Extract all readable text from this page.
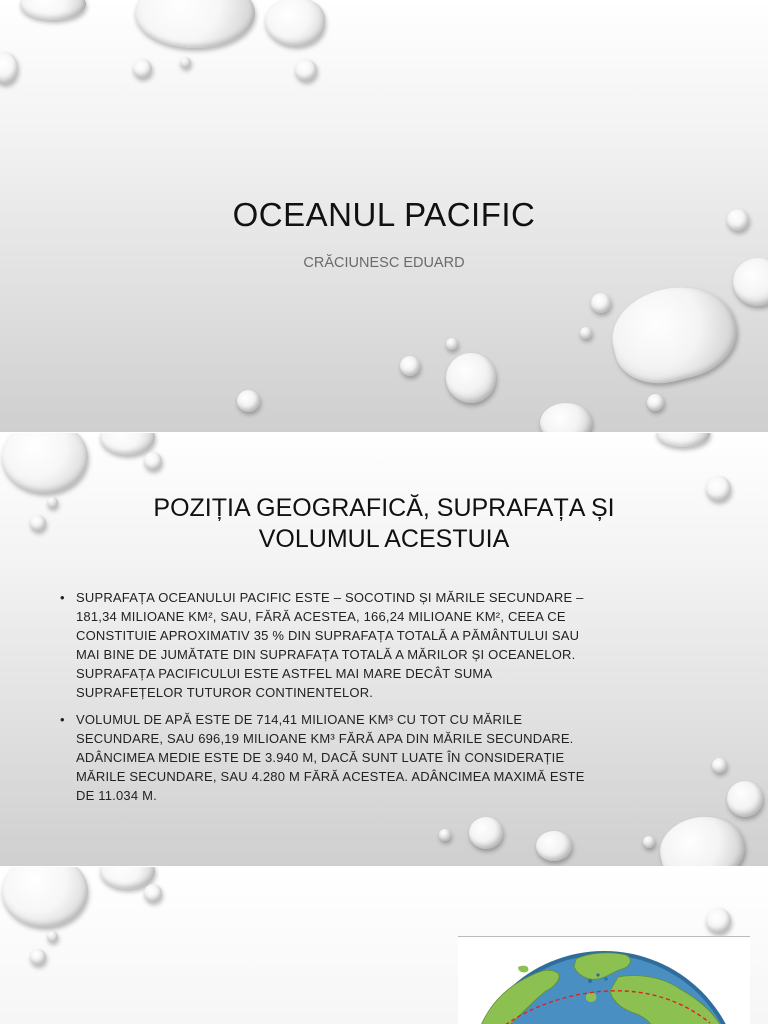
OCEANUL PACIFIC
CRĂCIUNESC EDUARD
POZIȚIA GEOGRAFICĂ, SUPRAFAȚA ȘI VOLUMUL ACESTUIA
• SUPRAFAȚA OCEANULUI PACIFIC ESTE – SOCOTIND ȘI MĂRILE SECUNDARE – 181,34 MILIOANE KM², SAU, FĂRĂ ACESTEA, 166,24 MILIOANE KM², CEEA CE CONSTITUIE APROXIMATIV 35 % DIN SUPRAFAȚA TOTALĂ A PĂMÂNTULUI SAU MAI BINE DE JUMĂTATE DIN SUPRAFAȚA TOTALĂ A MĂRILOR ȘI OCEANELOR. SUPRAFAȚA PACIFICULUI ESTE ASTFEL MAI MARE DECÂT SUMA SUPRAFEȚELOR TUTUROR CONTINENTELOR.
• VOLUMUL DE APĂ ESTE DE 714,41 MILIOANE KM³ CU TOT CU MĂRILE SECUNDARE, SAU 696,19 MILIOANE KM³ FĂRĂ APA DIN MĂRILE SECUNDARE. ADÂNCIMEA MEDIE ESTE DE 3.940 M, DACĂ SUNT LUATE ÎN CONSIDERAȚIE MĂRILE SECUNDARE, SAU 4.280 M FĂRĂ ACESTEA. ADÂNCIMEA MAXIMĂ ESTE DE 11.034 M.
